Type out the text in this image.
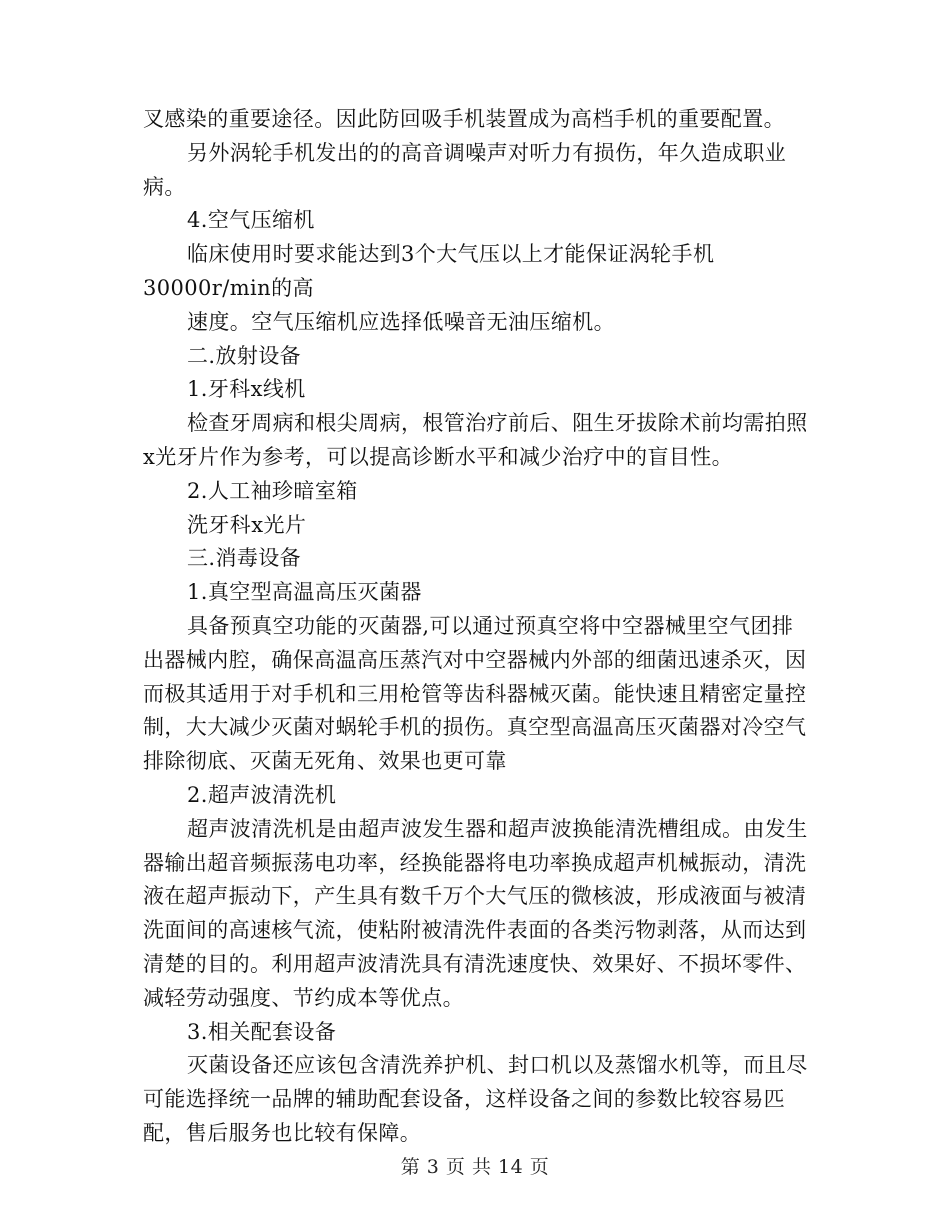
叉感染的重要途径。因此防回吸手机装置成为高档手机的重要配置。

另外涡轮手机发出的的高音调噪声对听力有损伤，年久造成职业病。

4.空气压缩机

临床使用时要求能达到3个大气压以上才能保证涡轮手机

30000r/min的高

速度。空气压缩机应选择低噪音无油压缩机。

二.放射设备

1.牙科x线机

检查牙周病和根尖周病，根管治疗前后、阻生牙拔除术前均需拍照x光牙片作为参考，可以提高诊断水平和减少治疗中的盲目性。

2.人工袖珍暗室箱

洗牙科x光片

三.消毒设备

1.真空型高温高压灭菌器

具备预真空功能的灭菌器,可以通过预真空将中空器械里空气团排出器械内腔，确保高温高压蒸汽对中空器械内外部的细菌迅速杀灭，因而极其适用于对手机和三用枪管等齿科器械灭菌。能快速且精密定量控制，大大减少灭菌对蜗轮手机的损伤。真空型高温高压灭菌器对冷空气排除彻底、灭菌无死角、效果也更可靠

2.超声波清洗机

超声波清洗机是由超声波发生器和超声波换能清洗槽组成。由发生器输出超音频振荡电功率，经换能器将电功率换成超声机械振动，清洗液在超声振动下，产生具有数千万个大气压的微核波，形成液面与被清洗面间的高速核气流，使粘附被清洗件表面的各类污物剥落，从而达到清楚的目的。利用超声波清洗具有清洗速度快、效果好、不损坏零件、减轻劳动强度、节约成本等优点。

3.相关配套设备

灭菌设备还应该包含清洗养护机、封口机以及蒸馏水机等，而且尽可能选择统一品牌的辅助配套设备，这样设备之间的参数比较容易匹配，售后服务也比较有保障。

第 3 页 共 14 页
